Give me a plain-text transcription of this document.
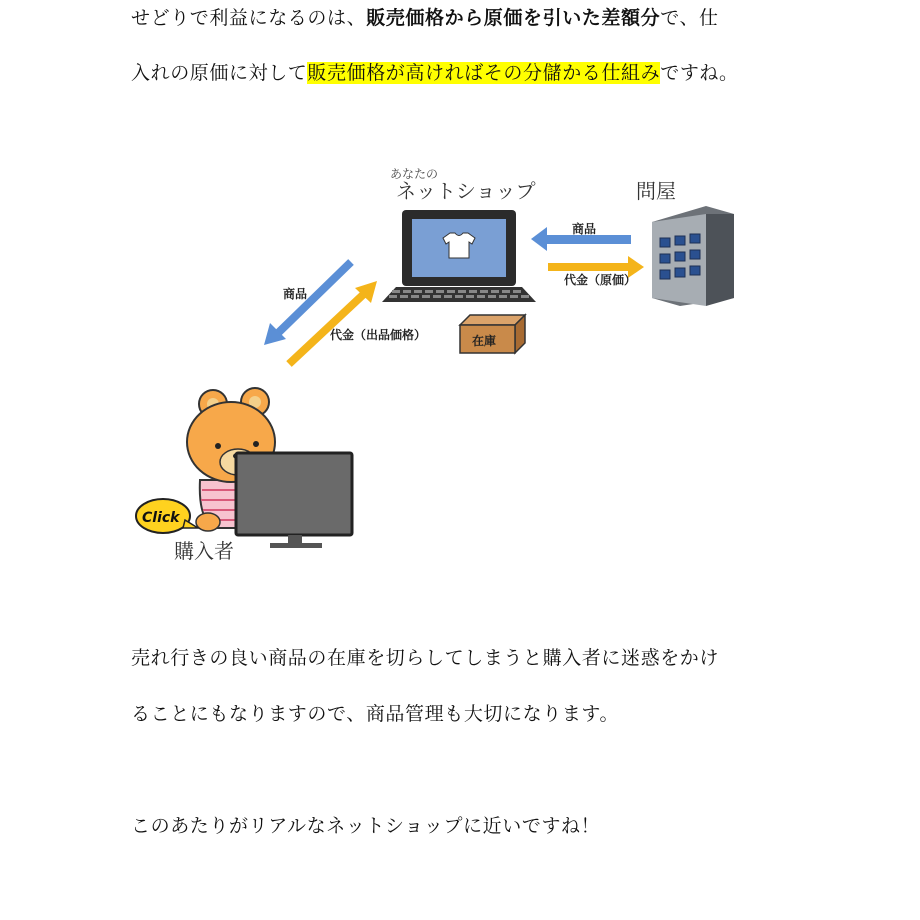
せどりで利益になるのは、販売価格から原価を引いた差額分で、仕
入れの原価に対して販売価格が高ければその分儲かる仕組みですね。
あなたの
ネットショップ	問屋
商品
代金（原価）
商品
代金（出品価格）	在庫
Click
購入者
売れ行きの良い商品の在庫を切らしてしまうと購入者に迷惑をかけ
ることにもなりますので、商品管理も大切になります。
このあたりがリアルなネットショップに近いですね！
